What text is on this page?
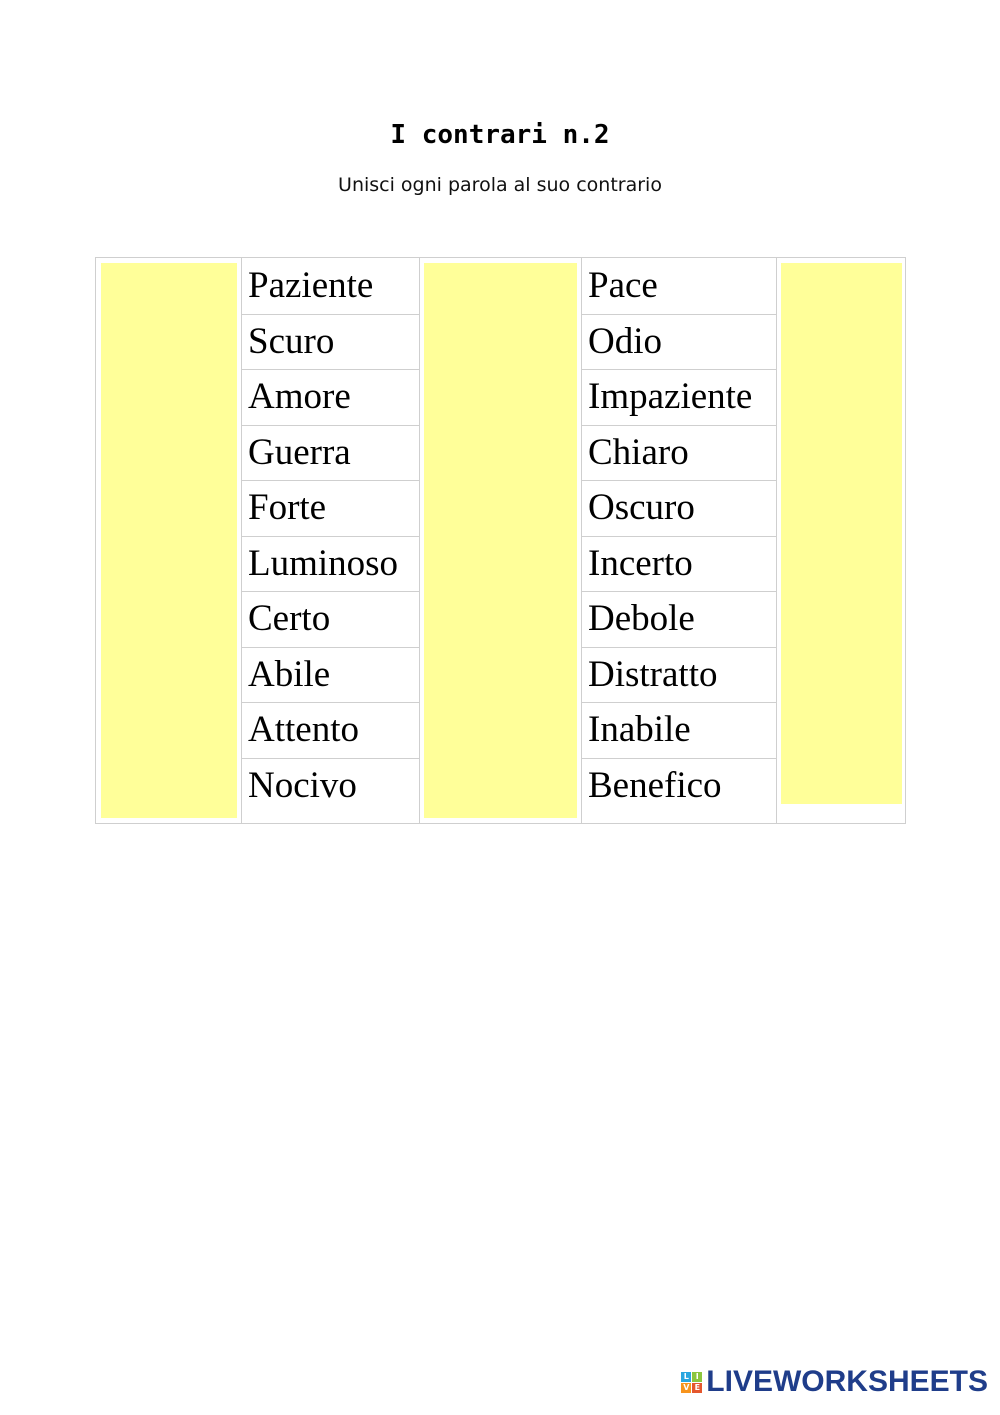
I contrari n.2
Unisci ogni parola al suo contrario
Paziente
Scuro
Amore
Guerra
Forte
Luminoso
Certo
Abile
Attento
Nocivo
Pace
Odio
Impaziente
Chiaro
Oscuro
Incerto
Debole
Distratto
Inabile
Benefico
L I
V E LIVEWORKSHEETS
